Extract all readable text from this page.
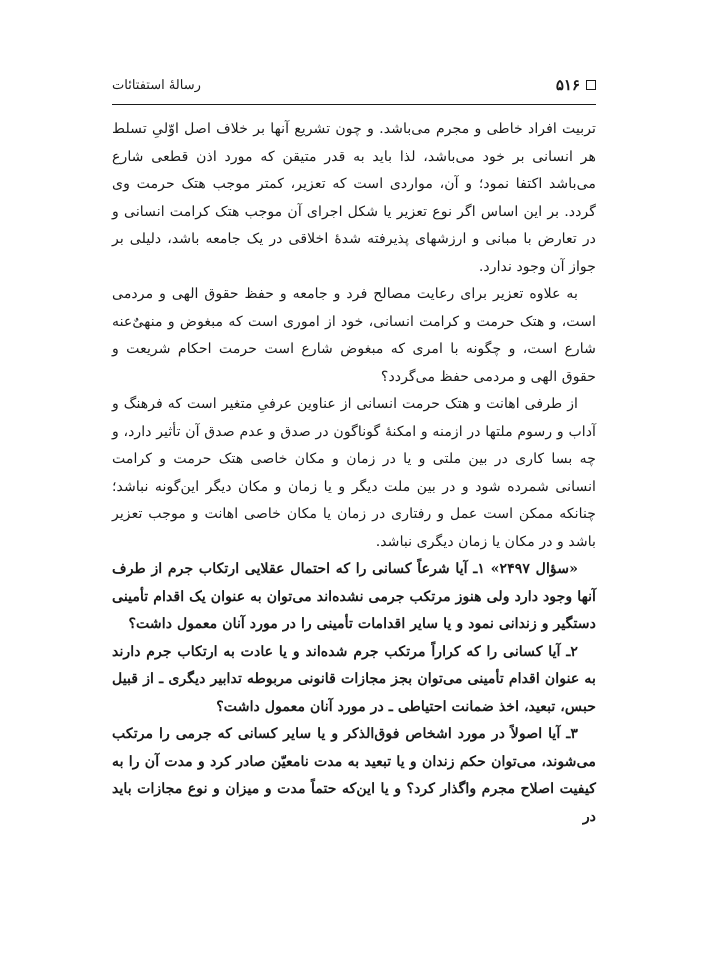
۵۱۶
رسالهٔ استفتائات

تربیت افراد خاطی و مجرم می‌باشد. و چون تشریع آنها بر خلاف اصل اوّلیِ تسلط هر انسانی بر خود می‌باشد، لذا باید به قدر متیقن که مورد اذن قطعی شارع می‌باشد اکتفا نمود؛ و آن، مواردی است که تعزیر، کمتر موجب هتک حرمت وی گردد. بر این اساس اگر نوع تعزیر یا شکل اجرای آن موجب هتک کرامت انسانی و در تعارض با مبانی و ارزشهای پذیرفته شدهٔ اخلاقی در یک جامعه باشد، دلیلی بر جواز آن وجود ندارد.

به علاوه تعزیر برای رعایت مصالح فرد و جامعه و حفظ حقوق الهی و مردمی است، و هتک حرمت و کرامت انسانی، خود از اموری است که مبغوض و منهیٌ‌عنه شارع است، و چگونه با امری که مبغوض شارع است حرمت احکام شریعت و حقوق الهی و مردمی حفظ می‌گردد؟

از طرفی اهانت و هتک حرمت انسانی از عناوین عرفیِ متغیر است که فرهنگ و آداب و رسوم ملتها در ازمنه و امکنهٔ گوناگون در صدق و عدم صدق آن تأثیر دارد، و چه بسا کاری در بین ملتی و یا در زمان و مکان خاصی هتک حرمت و کرامت انسانی شمرده شود و در بین ملت دیگر و یا زمان و مکان دیگر این‌گونه نباشد؛ چنانکه ممکن است عمل و رفتاری در زمان یا مکان خاصی اهانت و موجب تعزیر باشد و در مکان یا زمان دیگری نباشد.

«سؤال ۲۴۹۷» ۱ـ آیا شرعاً کسانی را که احتمال عقلایی ارتکاب جرم از طرف آنها وجود دارد ولی هنوز مرتکب جرمی نشده‌اند می‌توان به عنوان یک اقدام تأمینی دستگیر و زندانی نمود و یا سایر اقدامات تأمینی را در مورد آنان معمول داشت؟

۲ـ آیا کسانی را که کراراً مرتکب جرم شده‌اند و یا عادت به ارتکاب جرم دارند به عنوان اقدام تأمینی می‌توان بجز مجازات قانونی مربوطه تدابیر دیگری ـ از قبیل حبس، تبعید، اخذ ضمانت احتیاطی ـ در مورد آنان معمول داشت؟

۳ـ آیا اصولاً در مورد اشخاص فوق‌الذکر و یا سایر کسانی که جرمی را مرتکب می‌شوند، می‌توان حکم زندان و یا تبعید به مدت نامعیّن صادر کرد و مدت آن را به کیفیت اصلاح مجرم واگذار کرد؟ و یا این‌که حتماً مدت و میزان و نوع مجازات باید در
